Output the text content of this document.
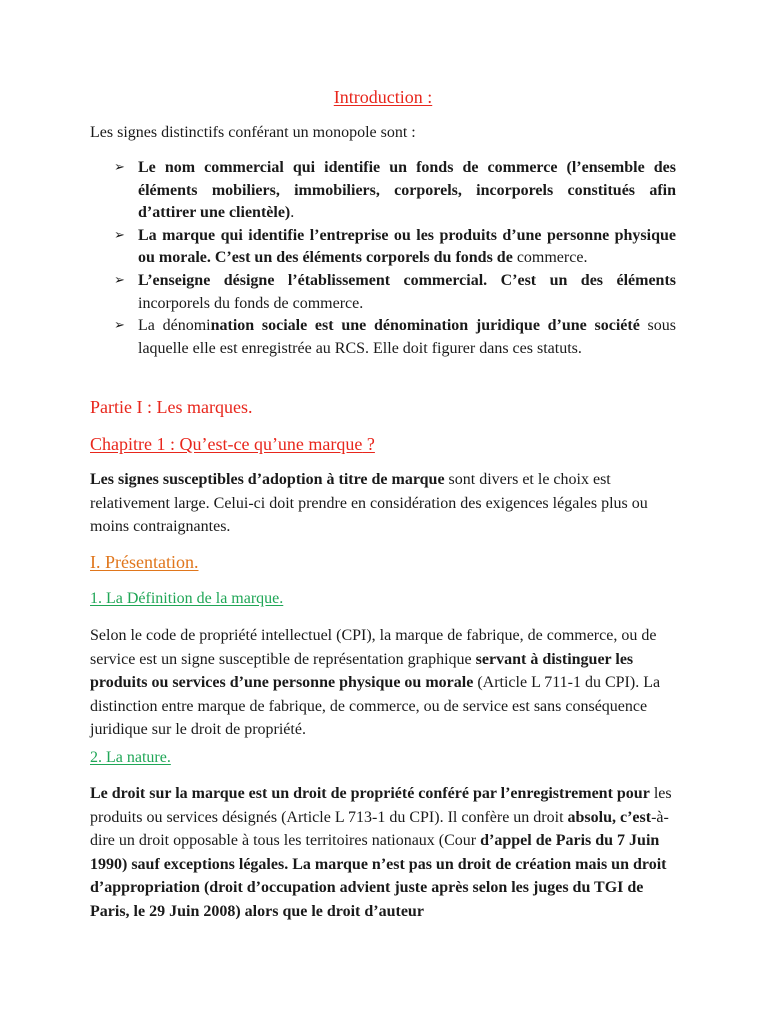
Introduction :

Les signes distinctifs conférant un monopole sont :

➢ Le nom commercial qui identifie un fonds de commerce (l’ensemble des éléments mobiliers, immobiliers, corporels, incorporels constitués afin d’attirer une clientèle).
➢ La marque qui identifie l’entreprise ou les produits d’une personne physique ou morale. C’est un des éléments corporels du fonds de commerce.
➢ L’enseigne désigne l’établissement commercial. C’est un des éléments incorporels du fonds de commerce.
➢ La dénomination sociale est une dénomination juridique d’une société sous laquelle elle est enregistrée au RCS. Elle doit figurer dans ces statuts.
Partie I : Les marques.
Chapitre 1 : Qu’est-ce qu’une marque ?

Les signes susceptibles d’adoption à titre de marque sont divers et le choix est relativement large. Celui-ci doit prendre en considération des exigences légales plus ou moins contraignantes.

I. Présentation.
1. La Définition de la marque.

Selon le code de propriété intellectuel (CPI), la marque de fabrique, de commerce, ou de service est un signe susceptible de représentation graphique servant à distinguer les produits ou services d’une personne physique ou morale (Article L 711-1 du CPI). La distinction entre marque de fabrique, de commerce, ou de service est sans conséquence juridique sur le droit de propriété.

2. La nature.

Le droit sur la marque est un droit de propriété conféré par l’enregistrement pour les produits ou services désignés (Article L 713-1 du CPI). Il confère un droit absolu, c’est-à-dire un droit opposable à tous les territoires nationaux (Cour d’appel de Paris du 7 Juin 1990) sauf exceptions légales. La marque n’est pas un droit de création mais un droit d’appropriation (droit d’occupation advient juste après selon les juges du TGI de Paris, le 29 Juin 2008) alors que le droit d’auteur
